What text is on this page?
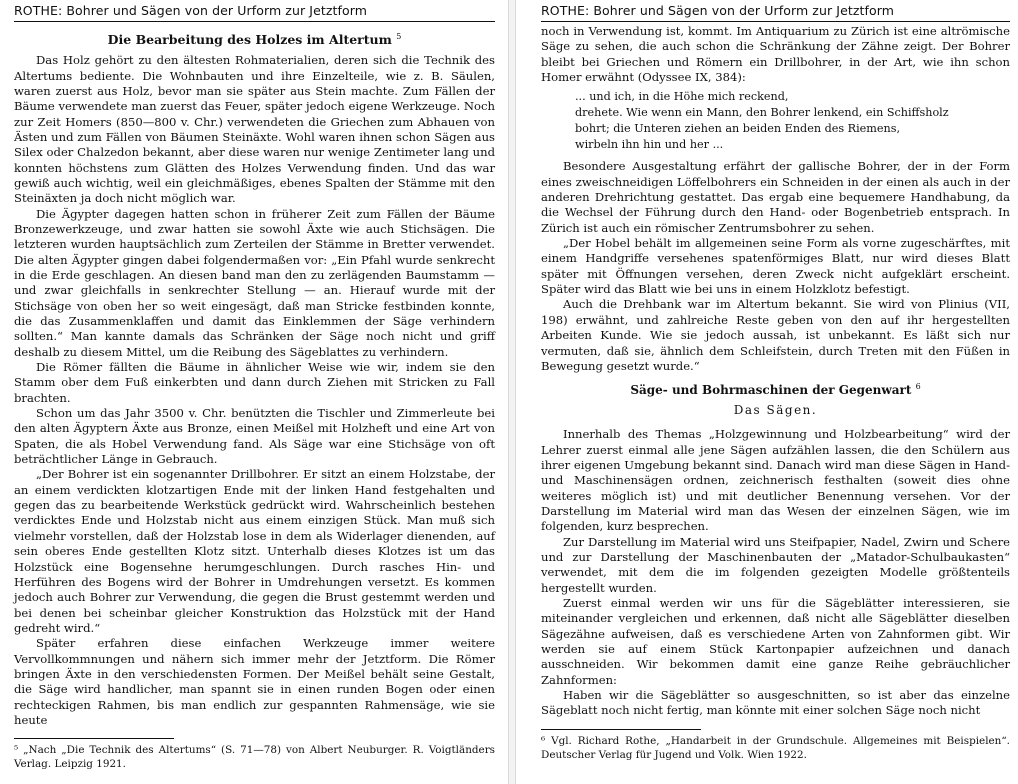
ROTHE: Bohrer und Sägen von der Urform zur Jetztform
Die Bearbeitung des Holzes im Altertum $^5$

Das Holz gehört zu den ältesten Rohmaterialien, deren sich die Technik des Altertums bediente. Die Wohnbauten und ihre Einzelteile, wie z. B. Säulen, waren zuerst aus Holz, bevor man sie später aus Stein machte. Zum Fällen der Bäume verwendete man zuerst das Feuer, später jedoch eigene Werkzeuge. Noch zur Zeit Homers (850—800 v. Chr.) verwendeten die Griechen zum Abhauen von Ästen und zum Fällen von Bäumen Steinäxte. Wohl waren ihnen schon Sägen aus Silex oder Chalzedon bekannt, aber diese waren nur wenige Zentimeter lang und konnten höchstens zum Glätten des Holzes Verwendung finden. Und das war gewiß auch wichtig, weil ein gleichmäßiges, ebenes Spalten der Stämme mit den Steinäxten ja doch nicht möglich war.

Die Ägypter dagegen hatten schon in früherer Zeit zum Fällen der Bäume Bronzewerkzeuge, und zwar hatten sie sowohl Äxte wie auch Stichsägen. Die letzteren wurden hauptsächlich zum Zerteilen der Stämme in Bretter verwendet. Die alten Ägypter gingen dabei folgendermaßen vor: „Ein Pfahl wurde senkrecht in die Erde geschlagen. An diesen band man den zu zerlägenden Baumstamm — und zwar gleichfalls in senkrechter Stellung — an. Hierauf wurde mit der Stichsäge von oben her so weit eingesägt, daß man Stricke festbinden konnte, die das Zusammenklaffen und damit das Einklemmen der Säge verhindern sollten.“ Man kannte damals das Schränken der Säge noch nicht und griff deshalb zu diesem Mittel, um die Reibung des Sägeblattes zu verhindern.

Die Römer fällten die Bäume in ähnlicher Weise wie wir, indem sie den Stamm ober dem Fuß einkerbten und dann durch Ziehen mit Stricken zu Fall brachten.

Schon um das Jahr 3500 v. Chr. benützten die Tischler und Zimmerleute bei den alten Ägyptern Äxte aus Bronze, einen Meißel mit Holzheft und eine Art von Spaten, die als Hobel Verwendung fand. Als Säge war eine Stichsäge von oft beträchtlicher Länge in Gebrauch.

„Der Bohrer ist ein sogenannter Drillbohrer. Er sitzt an einem Holzstabe, der an einem verdickten klotzartigen Ende mit der linken Hand festgehalten und gegen das zu bearbeitende Werkstück gedrückt wird. Wahrscheinlich bestehen verdicktes Ende und Holzstab nicht aus einem einzigen Stück. Man muß sich vielmehr vorstellen, daß der Holzstab lose in dem als Widerlager dienenden, auf sein oberes Ende gestellten Klotz sitzt. Unterhalb dieses Klotzes ist um das Holzstück eine Bogensehne herumgeschlungen. Durch rasches Hin- und Herführen des Bogens wird der Bohrer in Umdrehungen versetzt. Es kommen jedoch auch Bohrer zur Verwendung, die gegen die Brust gestemmt werden und bei denen bei scheinbar gleicher Konstruktion das Holzstück mit der Hand gedreht wird.“

Später erfahren diese einfachen Werkzeuge immer weitere Vervollkommnungen und nähern sich immer mehr der Jetztform. Die Römer bringen Äxte in den verschiedensten Formen. Der Meißel behält seine Gestalt, die Säge wird handlicher, man spannt sie in einen runden Bogen oder einen rechteckigen Rahmen, bis man endlich zur gespannten Rahmensäge, wie sie heute

⁵ „Nach „Die Technik des Altertums“ (S. 71—78) von Albert Neuburger. R. Voigtländers Verlag. Leipzig 1921.
ROTHE: Bohrer und Sägen von der Urform zur Jetztform

noch in Verwendung ist, kommt. Im Antiquarium zu Zürich ist eine altrömische Säge zu sehen, die auch schon die Schränkung der Zähne zeigt. Der Bohrer bleibt bei Griechen und Römern ein Drillbohrer, in der Art, wie ihn schon Homer erwähnt (Odyssee IX, 384):

... und ich, in die Höhe mich reckend,
drehete. Wie wenn ein Mann, den Bohrer lenkend, ein Schiffsholz
bohrt; die Unteren ziehen an beiden Enden des Riemens,
wirbeln ihn hin und her ...

Besondere Ausgestaltung erfährt der gallische Bohrer, der in der Form eines zweischneidigen Löffelbohrers ein Schneiden in der einen als auch in der anderen Drehrichtung gestattet. Das ergab eine bequemere Handhabung, da die Wechsel der Führung durch den Hand- oder Bogenbetrieb entsprach. In Zürich ist auch ein römischer Zentrumsbohrer zu sehen.

„Der Hobel behält im allgemeinen seine Form als vorne zugeschärftes, mit einem Handgriffe versehenes spatenförmiges Blatt, nur wird dieses Blatt später mit Öffnungen versehen, deren Zweck nicht aufgeklärt erscheint. Später wird das Blatt wie bei uns in einem Holzklotz befestigt.

Auch die Drehbank war im Altertum bekannt. Sie wird von Plinius (VII, 198) erwähnt, und zahlreiche Reste geben von den auf ihr hergestellten Arbeiten Kunde. Wie sie jedoch aussah, ist unbekannt. Es läßt sich nur vermuten, daß sie, ähnlich dem Schleifstein, durch Treten mit den Füßen in Bewegung gesetzt wurde.“

Säge- und Bohrmaschinen der Gegenwart $^6$
Das Sägen.

Innerhalb des Themas „Holzgewinnung und Holzbearbeitung“ wird der Lehrer zuerst einmal alle jene Sägen aufzählen lassen, die den Schülern aus ihrer eigenen Umgebung bekannt sind. Danach wird man diese Sägen in Hand- und Maschinensägen ordnen, zeichnerisch festhalten (soweit dies ohne weiteres möglich ist) und mit deutlicher Benennung versehen. Vor der Darstellung im Material wird man das Wesen der einzelnen Sägen, wie im folgenden, kurz besprechen.

Zur Darstellung im Material wird uns Steifpapier, Nadel, Zwirn und Schere und zur Darstellung der Maschinenbauten der „Matador-Schulbaukasten“ verwendet, mit dem die im folgenden gezeigten Modelle größtenteils hergestellt wurden.

Zuerst einmal werden wir uns für die Sägeblätter interessieren, sie miteinander vergleichen und erkennen, daß nicht alle Sägeblätter dieselben Sägezähne aufweisen, daß es verschiedene Arten von Zahnformen gibt. Wir werden sie auf einem Stück Kartonpapier aufzeichnen und danach ausschneiden. Wir bekommen damit eine ganze Reihe gebräuchlicher Zahnformen:

Haben wir die Sägeblätter so ausgeschnitten, so ist aber das einzelne Sägeblatt noch nicht fertig, man könnte mit einer solchen Säge noch nicht

⁶ Vgl. Richard Rothe, „Handarbeit in der Grundschule. Allgemeines mit Beispielen“. Deutscher Verlag für Jugend und Volk. Wien 1922.
